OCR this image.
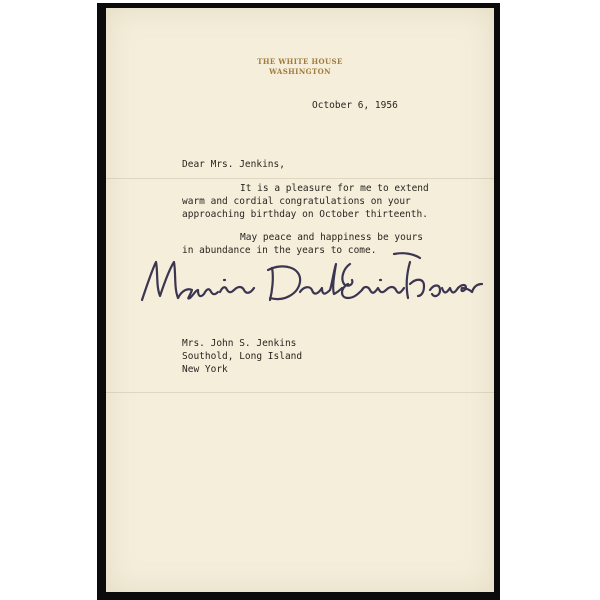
THE WHITE HOUSE
WASHINGTON
October 6, 1956
Dear Mrs. Jenkins,
It is a pleasure for me to extend
warm and cordial congratulations on your
approaching birthday on October thirteenth.
May peace and happiness be yours
in abundance in the years to come.
Mrs. John S. Jenkins
Southold, Long Island
New York
